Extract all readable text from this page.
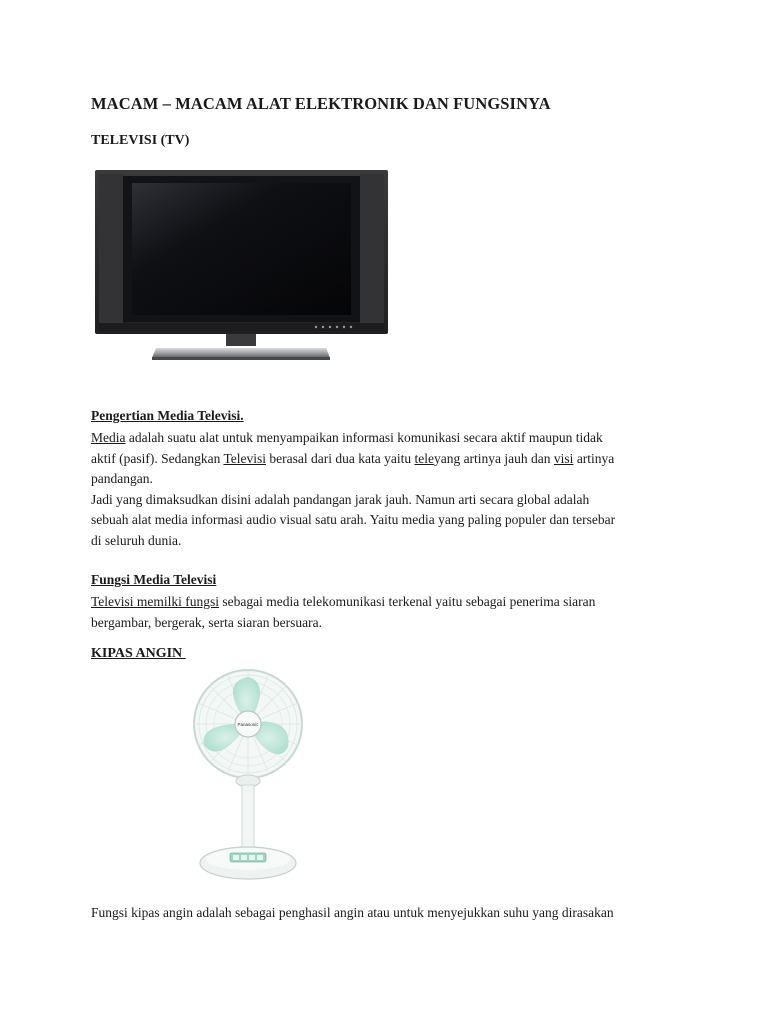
MACAM – MACAM ALAT ELEKTRONIK DAN FUNGSINYA
TELEVISI (TV)
Pengertian Media Televisi.
Media adalah suatu alat untuk menyampaikan informasi komunikasi secara aktif maupun tidak
aktif (pasif). Sedangkan Televisi berasal dari dua kata yaitu teleyang artinya jauh dan visi artinya
pandangan.
Jadi yang dimaksudkan disini adalah pandangan jarak jauh. Namun arti secara global adalah
sebuah alat media informasi audio visual satu arah. Yaitu media yang paling populer dan tersebar
di seluruh dunia.
Fungsi Media Televisi
Televisi memilki fungsi sebagai media telekomunikasi terkenal yaitu sebagai penerima siaran
bergambar, bergerak, serta siaran bersuara.
KIPAS ANGIN
Panasonic
Fungsi kipas angin adalah sebagai penghasil angin atau untuk menyejukkan suhu yang dirasakan
